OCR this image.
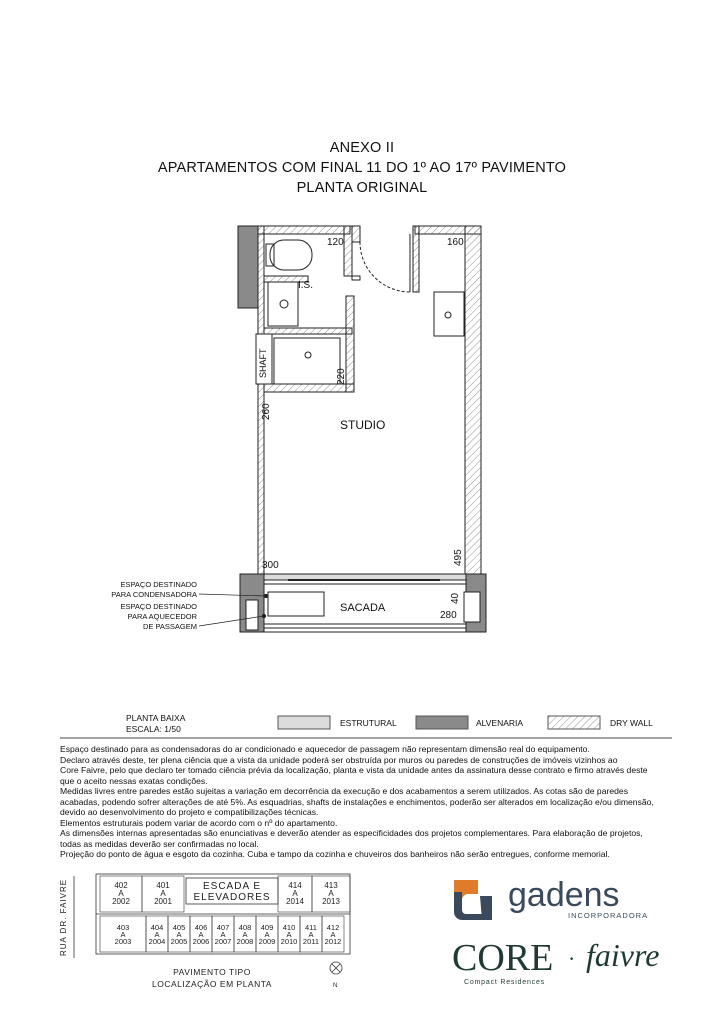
ANEXO II
APARTAMENTOS COM FINAL 11 DO 1º AO 17º PAVIMENTO
PLANTA ORIGINAL
I.S.
STUDIO
SACADA
SHAFT
120	160
220
260
300	495
40
280
ESPAÇO DESTINADO
PARA CONDENSADORA
ESPAÇO DESTINADO
PARA AQUECEDOR
DE PASSAGEM
PLANTA BAIXA
ESCALA: 1/50
ESTRUTURAL	ALVENARIA	DRY WALL
Espaço destinado para as condensadoras do ar condicionado e aquecedor de passagem não representam dimensão real do equipamento.
Declaro através deste, ter plena ciência que a vista da unidade poderá ser obstruída por muros ou paredes de construções de imóveis vizinhos ao
Core Faivre, pelo que declaro ter tomado ciência prévia da localização, planta e vista da unidade antes da assinatura desse contrato e firmo através deste
que o aceito nessas exatas condições.
Medidas livres entre paredes estão sujeitas a variação em decorrência da execução e dos acabamentos a serem utilizados. As cotas são de paredes
acabadas, podendo sofrer alterações de até 5%. As esquadrias, shafts de instalações e enchimentos, poderão ser alterados em localização e/ou dimensão,
devido ao desenvolvimento do projeto e compatibilizações técnicas.
Elementos estruturais podem variar de acordo com o nº do apartamento.
As dimensões internas apresentadas são enunciativas e deverão atender as especificidades dos projetos complementares. Para elaboração de projetos,
todas as medidas deverão ser confirmadas no local.
Projeção do ponto de água e esgoto da cozinha. Cuba e tampo da cozinha e chuveiros dos banheiros não serão entregues, conforme memorial.
RUA DR. FAIVRE	402
A
2002
401
A
2001
414
A
2014
413
A
2013
403
A
2003
404
A
2004
405
A
2005
406
A
2006
407
A
2007
408
A
2008
409
A
2009
410
A
2010
411
A
2011
412
A
2012
ESCADA E
ELEVADORES
PAVIMENTO TIPO
LOCALIZAÇÃO EM PLANTA	N
gadens
INCORPORADORA
CORE · faivre
Compact Residences
